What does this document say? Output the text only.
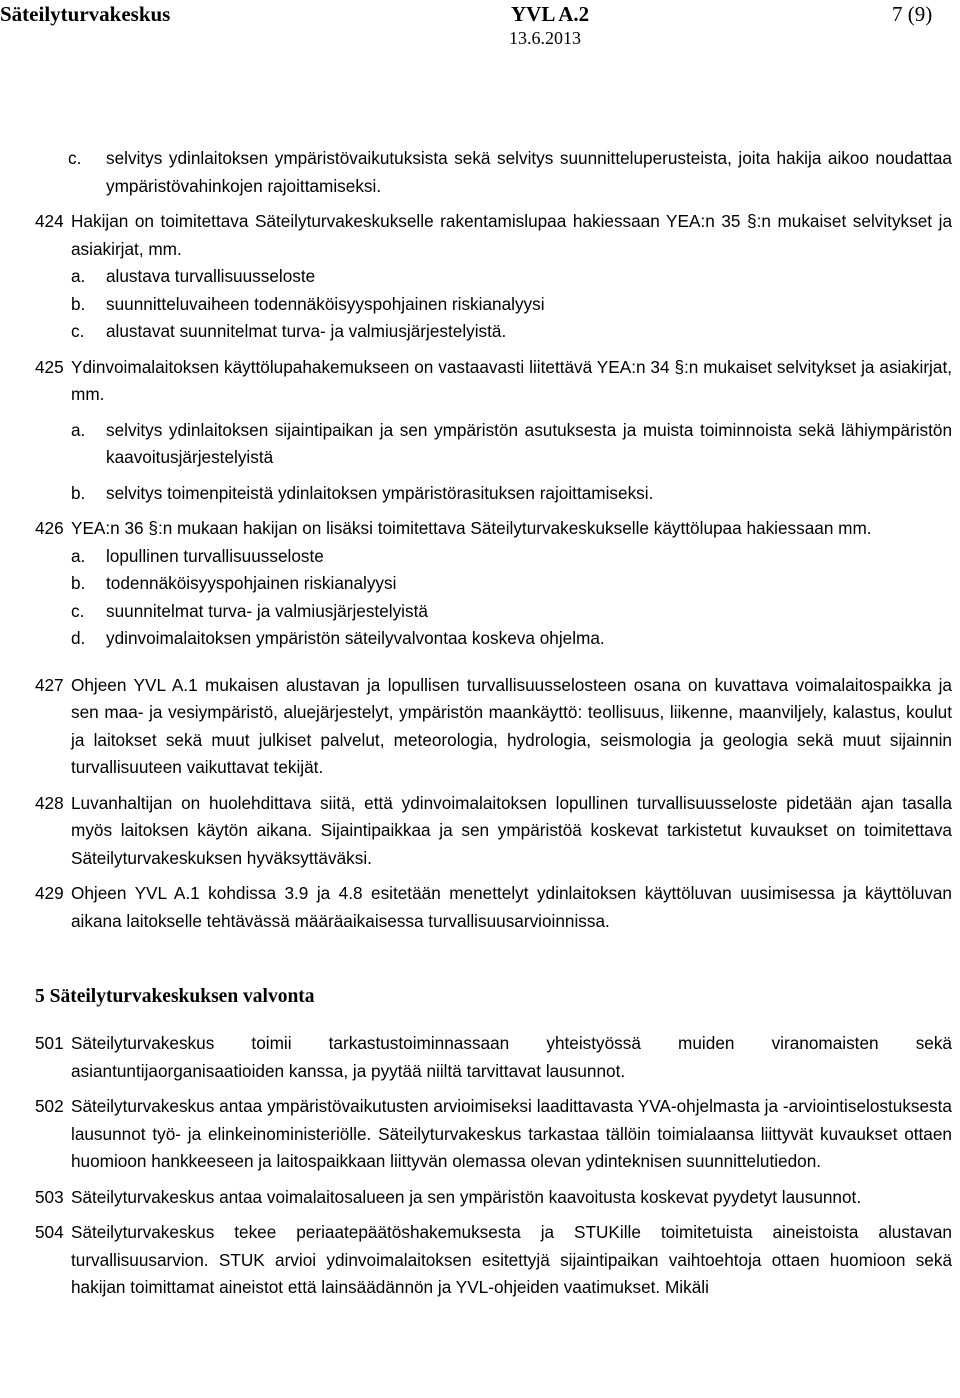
Säteilyturvakeskus	YVL A.2
13.6.2013
7 (9)
c. selvitys ydinlaitoksen ympäristövaikutuksista sekä selvitys suunnitteluperusteista, joita hakija aikoo noudattaa ympäristövahinkojen rajoittamiseksi.
424 Hakijan on toimitettava Säteilyturvakeskukselle rakentamislupaa hakiessaan YEA:n 35 §:n mukaiset selvitykset ja asiakirjat, mm.
a. alustava turvallisuusseloste
b. suunnitteluvaiheen todennäköisyyspohjainen riskianalyysi
c. alustavat suunnitelmat turva- ja valmiusjärjestelyistä.
425 Ydinvoimalaitoksen käyttölupahakemukseen on vastaavasti liitettävä YEA:n 34 §:n mukaiset selvitykset ja asiakirjat, mm.
a. selvitys ydinlaitoksen sijaintipaikan ja sen ympäristön asutuksesta ja muista toiminnoista sekä lähiympäristön kaavoitusjärjestelyistä
b. selvitys toimenpiteistä ydinlaitoksen ympäristörasituksen rajoittamiseksi.
426 YEA:n 36 §:n mukaan hakijan on lisäksi toimitettava Säteilyturvakeskukselle käyttölupaa hakiessaan mm.
a. lopullinen turvallisuusseloste
b. todennäköisyyspohjainen riskianalyysi
c. suunnitelmat turva- ja valmiusjärjestelyistä
d. ydinvoimalaitoksen ympäristön säteilyvalvontaa koskeva ohjelma.
427 Ohjeen YVL A.1 mukaisen alustavan ja lopullisen turvallisuusselosteen osana on kuvattava voimalaitospaikka ja sen maa- ja vesiympäristö, aluejärjestelyt, ympäristön maankäyttö: teollisuus, liikenne, maanviljely, kalastus, koulut ja laitokset sekä muut julkiset palvelut, meteorologia, hydrologia, seismologia ja geologia sekä muut sijainnin turvallisuuteen vaikuttavat tekijät.
428 Luvanhaltijan on huolehdittava siitä, että ydinvoimalaitoksen lopullinen turvallisuusseloste pidetään ajan tasalla myös laitoksen käytön aikana. Sijaintipaikkaa ja sen ympäristöä koskevat tarkistetut kuvaukset on toimitettava Säteilyturvakeskuksen hyväksyttäväksi.
429 Ohjeen YVL A.1 kohdissa 3.9 ja 4.8 esitetään menettelyt ydinlaitoksen käyttöluvan uusimisessa ja käyttöluvan aikana laitokselle tehtävässä määräaikaisessa turvallisuusarvioinnissa.
5 Säteilyturvakeskuksen valvonta
501 Säteilyturvakeskus toimii tarkastustoiminnassaan yhteistyössä muiden viranomaisten sekä asiantuntijaorganisaatioiden kanssa, ja pyytää niiltä tarvittavat lausunnot.
502 Säteilyturvakeskus antaa ympäristövaikutusten arvioimiseksi laadittavasta YVA-ohjelmasta ja -arviointiselostuksesta lausunnot työ- ja elinkeinoministeriölle. Säteilyturvakeskus tarkastaa tällöin toimialaansa liittyvät kuvaukset ottaen huomioon hankkeeseen ja laitospaikkaan liittyvän olemassa olevan ydinteknisen suunnittelutiedon.
503 Säteilyturvakeskus antaa voimalaitosalueen ja sen ympäristön kaavoitusta koskevat pyydetyt lausunnot.
504 Säteilyturvakeskus tekee periaatepäätöshakemuksesta ja STUKille toimitetuista aineistoista alustavan turvallisuusarvion. STUK arvioi ydinvoimalaitoksen esitettyjä sijaintipaikan vaihtoehtoja ottaen huomioon sekä hakijan toimittamat aineistot että lainsäädännön ja YVL-ohjeiden vaatimukset. Mikäli
